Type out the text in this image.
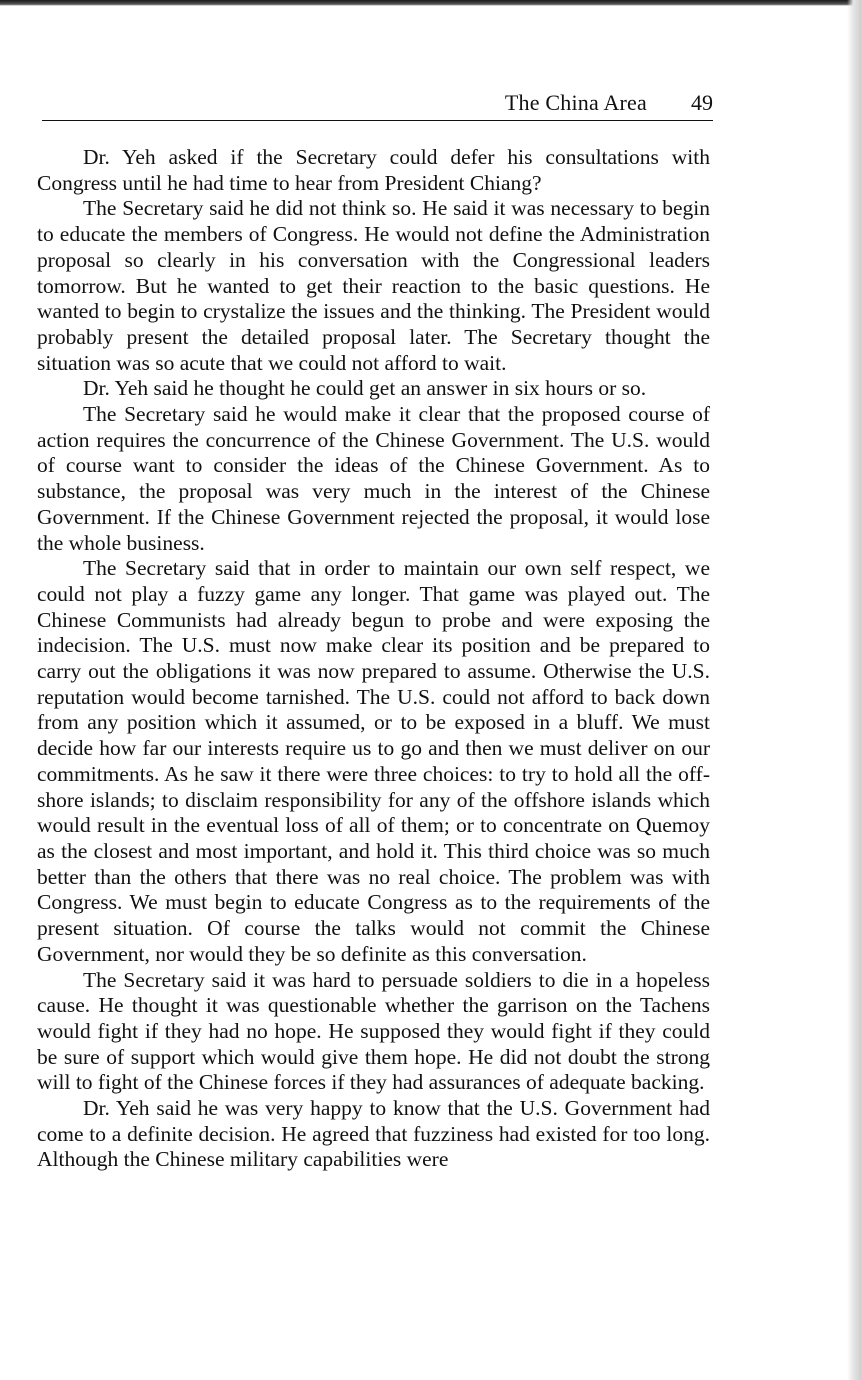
The China Area 49

Dr. Yeh asked if the Secretary could defer his consultations with Congress until he had time to hear from President Chiang?

The Secretary said he did not think so. He said it was necessary to begin to educate the members of Congress. He would not define the Administration proposal so clearly in his conversation with the Congressional leaders tomorrow. But he wanted to get their reaction to the basic questions. He wanted to begin to crystalize the issues and the thinking. The President would probably present the detailed proposal later. The Secretary thought the situation was so acute that we could not afford to wait.

Dr. Yeh said he thought he could get an answer in six hours or so.

The Secretary said he would make it clear that the proposed course of action requires the concurrence of the Chinese Government. The U.S. would of course want to consider the ideas of the Chinese Government. As to substance, the proposal was very much in the interest of the Chinese Government. If the Chinese Government rejected the proposal, it would lose the whole business.

The Secretary said that in order to maintain our own self respect, we could not play a fuzzy game any longer. That game was played out. The Chinese Communists had already begun to probe and were exposing the indecision. The U.S. must now make clear its position and be prepared to carry out the obligations it was now prepared to assume. Otherwise the U.S. reputation would become tarnished. The U.S. could not afford to back down from any position which it assumed, or to be exposed in a bluff. We must decide how far our interests require us to go and then we must deliver on our commitments. As he saw it there were three choices: to try to hold all the off-shore islands; to disclaim responsibility for any of the offshore islands which would result in the eventual loss of all of them; or to concentrate on Quemoy as the closest and most important, and hold it. This third choice was so much better than the others that there was no real choice. The problem was with Congress. We must begin to educate Congress as to the requirements of the present situation. Of course the talks would not commit the Chinese Government, nor would they be so definite as this conversation.

The Secretary said it was hard to persuade soldiers to die in a hopeless cause. He thought it was questionable whether the garrison on the Tachens would fight if they had no hope. He supposed they would fight if they could be sure of support which would give them hope. He did not doubt the strong will to fight of the Chinese forces if they had assurances of adequate backing.

Dr. Yeh said he was very happy to know that the U.S. Government had come to a definite decision. He agreed that fuzziness had existed for too long. Although the Chinese military capabilities were
